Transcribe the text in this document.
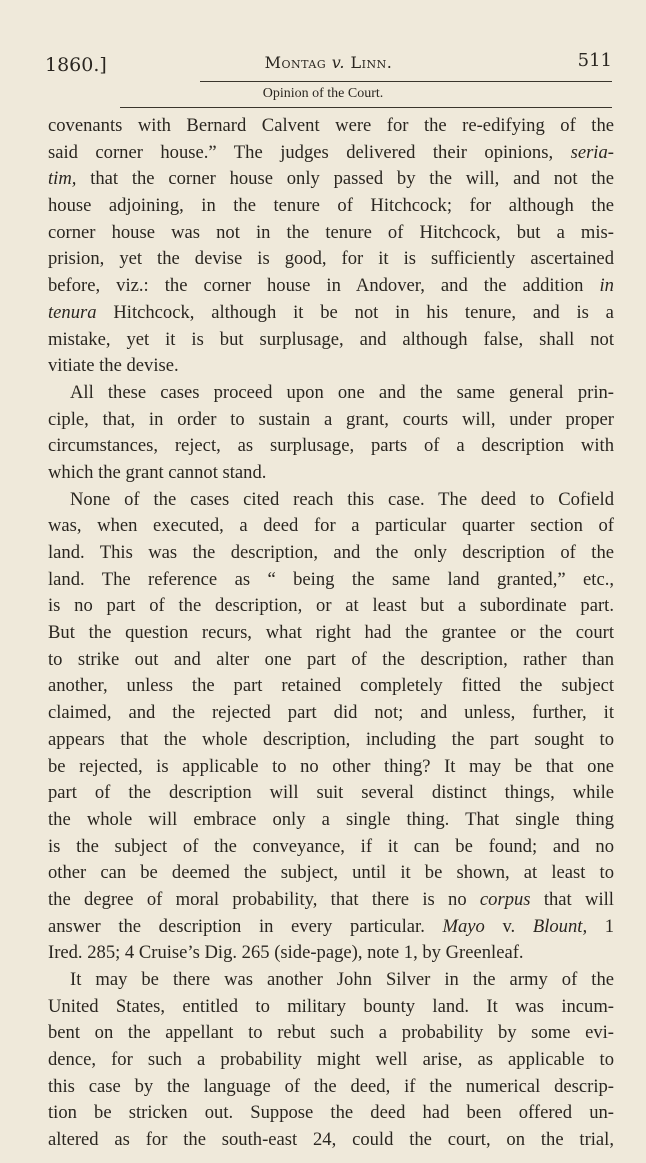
1860.]	Montag v. Linn.	511
Opinion of the Court.
covenants with Bernard Calvent were for the re-edifying of the
said corner house.” The judges delivered their opinions, seria-
tim, that the corner house only passed by the will, and not the
house adjoining, in the tenure of Hitchcock; for although the
corner house was not in the tenure of Hitchcock, but a mis-
prision, yet the devise is good, for it is sufficiently ascertained
before, viz.: the corner house in Andover, and the addition in
tenura Hitchcock, although it be not in his tenure, and is a
mistake, yet it is but surplusage, and although false, shall not
vitiate the devise.
All these cases proceed upon one and the same general prin-
ciple, that, in order to sustain a grant, courts will, under proper
circumstances, reject, as surplusage, parts of a description with
which the grant cannot stand.
None of the cases cited reach this case. The deed to Cofield
was, when executed, a deed for a particular quarter section of
land. This was the description, and the only description of the
land. The reference as “ being the same land granted,” etc.,
is no part of the description, or at least but a subordinate part.
But the question recurs, what right had the grantee or the court
to strike out and alter one part of the description, rather than
another, unless the part retained completely fitted the subject
claimed, and the rejected part did not; and unless, further, it
appears that the whole description, including the part sought to
be rejected, is applicable to no other thing? It may be that one
part of the description will suit several distinct things, while
the whole will embrace only a single thing. That single thing
is the subject of the conveyance, if it can be found; and no
other can be deemed the subject, until it be shown, at least to
the degree of moral probability, that there is no corpus that will
answer the description in every particular. Mayo v. Blount, 1
Ired. 285; 4 Cruise’s Dig. 265 (side-page), note 1, by Greenleaf.
It may be there was another John Silver in the army of the
United States, entitled to military bounty land. It was incum-
bent on the appellant to rebut such a probability by some evi-
dence, for such a probability might well arise, as applicable to
this case by the language of the deed, if the numerical descrip-
tion be stricken out. Suppose the deed had been offered un-
altered as for the south-east 24, could the court, on the trial,
